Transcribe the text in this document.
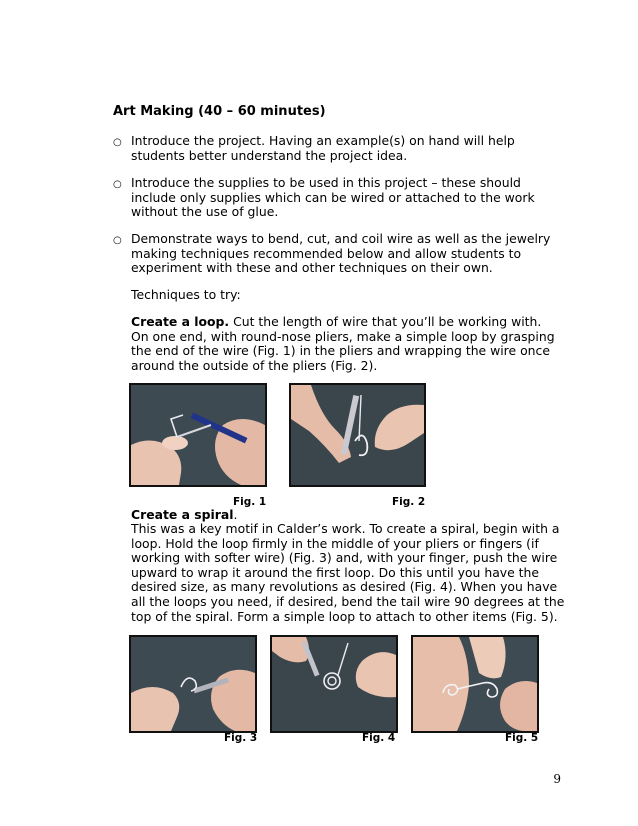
Art Making (40 – 60 minutes)
○ Introduce the project. Having an example(s) on hand will help students better understand the project idea.

○ Introduce the supplies to be used in this project – these should include only supplies which can be wired or attached to the work without the use of glue.

○ Demonstrate ways to bend, cut, and coil wire as well as the jewelry making techniques recommended below and allow students to experiment with these and other techniques on their own.

Techniques to try:

Create a loop. Cut the length of wire that you’ll be working with. On one end, with round-nose pliers, make a simple loop by grasping the end of the wire (Fig. 1) in the pliers and wrapping the wire once around the outside of the pliers (Fig. 2).

Fig. 1	Fig. 2

Create a spiral.

This was a key motif in Calder’s work. To create a spiral, begin with a loop. Hold the loop firmly in the middle of your pliers or fingers (if working with softer wire) (Fig. 3) and, with your finger, push the wire upward to wrap it around the first loop. Do this until you have the desired size, as many revolutions as desired (Fig. 4). When you have all the loops you need, if desired, bend the tail wire 90 degrees at the top of the spiral. Form a simple loop to attach to other items (Fig. 5).

Fig. 3	Fig. 4	Fig. 5
9
